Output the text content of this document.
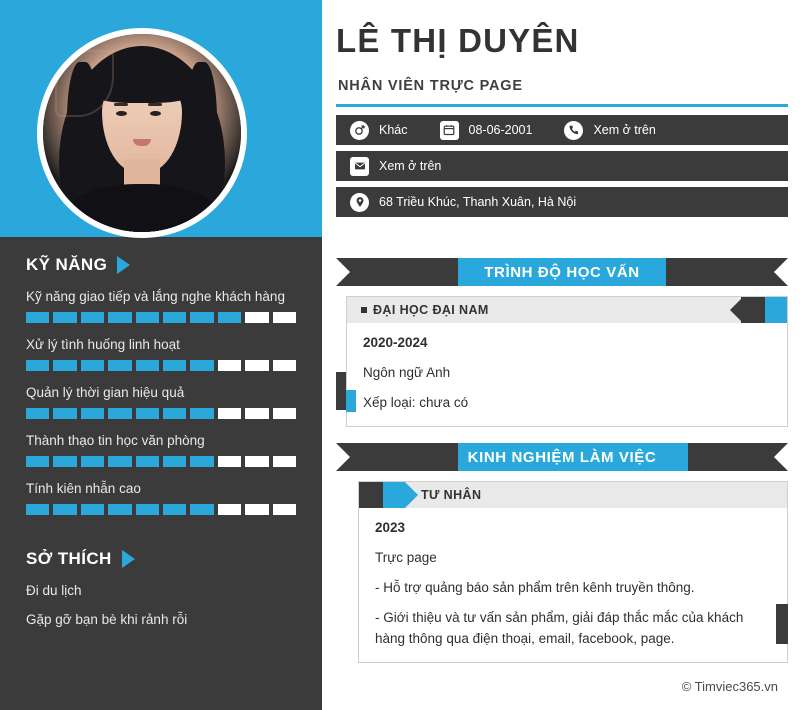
KỸ NĂNG
Kỹ năng giao tiếp và lắng nghe khách hàng
Xử lý tình huống linh hoạt
Quản lý thời gian hiệu quả
Thành thạo tin học văn phòng
Tính kiên nhẫn cao
SỞ THÍCH
Đi du lịch
Gặp gỡ bạn bè khi rảnh rỗi
LÊ THỊ DUYÊN
NHÂN VIÊN TRỰC PAGE
Khác	08-06-2001	Xem ở trên
Xem ở trên
68 Triều Khúc, Thanh Xuân, Hà Nội
TRÌNH ĐỘ HỌC VẤN
ĐẠI HỌC ĐẠI NAM
2020-2024
Ngôn ngữ Anh
Xếp loại: chưa có
KINH NGHIỆM LÀM VIỆC
TƯ NHÂN
2023
Trực page
- Hỗ trợ quảng báo sản phẩm trên kênh truyền thông.
- Giới thiệu và tư vấn sản phẩm, giải đáp thắc mắc của khách hàng thông qua điện thoại, email, facebook, page.
© Timviec365.vn
